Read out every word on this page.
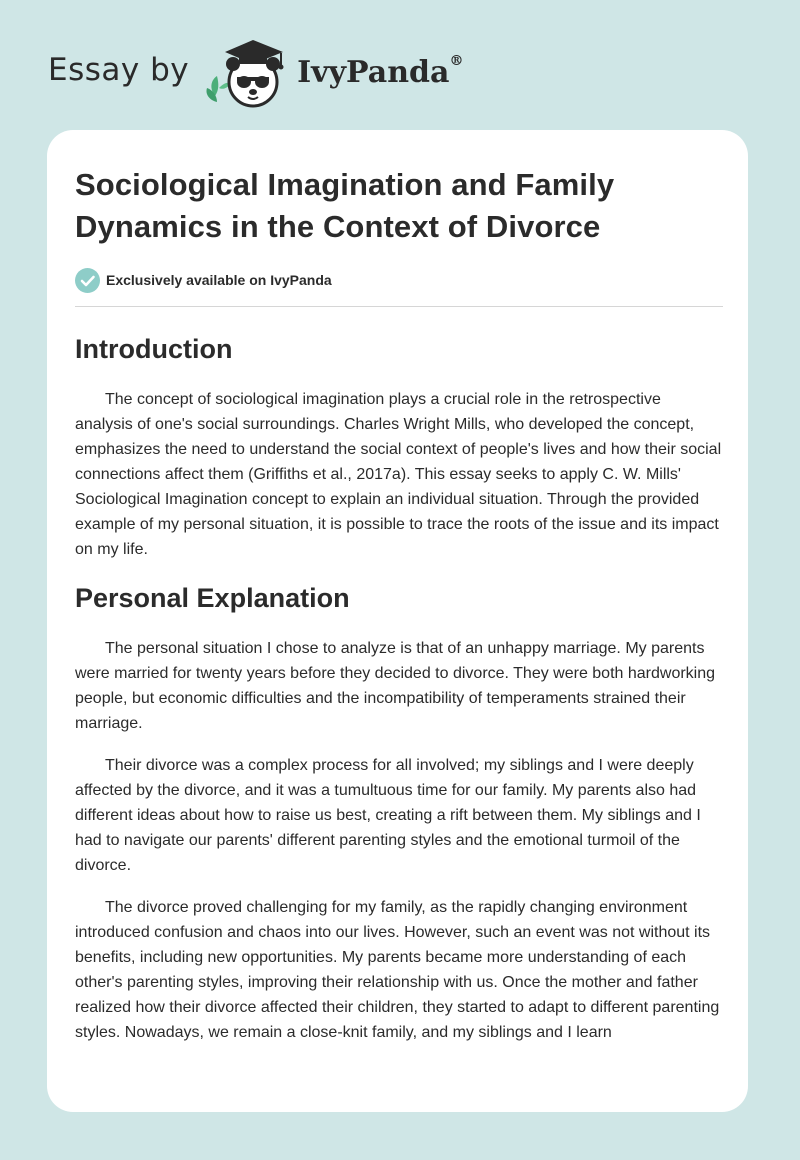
Essay by	IvyPanda®
Sociological Imagination and Family Dynamics in the Context of Divorce
Exclusively available on IvyPanda
Introduction

The concept of sociological imagination plays a crucial role in the retrospective analysis of one's social surroundings. Charles Wright Mills, who developed the concept, emphasizes the need to understand the social context of people's lives and how their social connections affect them (Griffiths et al., 2017a). This essay seeks to apply C. W. Mills' Sociological Imagination concept to explain an individual situation. Through the provided example of my personal situation, it is possible to trace the roots of the issue and its impact on my life.

Personal Explanation

The personal situation I chose to analyze is that of an unhappy marriage. My parents were married for twenty years before they decided to divorce. They were both hardworking people, but economic difficulties and the incompatibility of temperaments strained their marriage.

Their divorce was a complex process for all involved; my siblings and I were deeply affected by the divorce, and it was a tumultuous time for our family. My parents also had different ideas about how to raise us best, creating a rift between them. My siblings and I had to navigate our parents' different parenting styles and the emotional turmoil of the divorce.

The divorce proved challenging for my family, as the rapidly changing environment introduced confusion and chaos into our lives. However, such an event was not without its benefits, including new opportunities. My parents became more understanding of each other's parenting styles, improving their relationship with us. Once the mother and father realized how their divorce affected their children, they started to adapt to different parenting styles. Nowadays, we remain a close-knit family, and my siblings and I learn
